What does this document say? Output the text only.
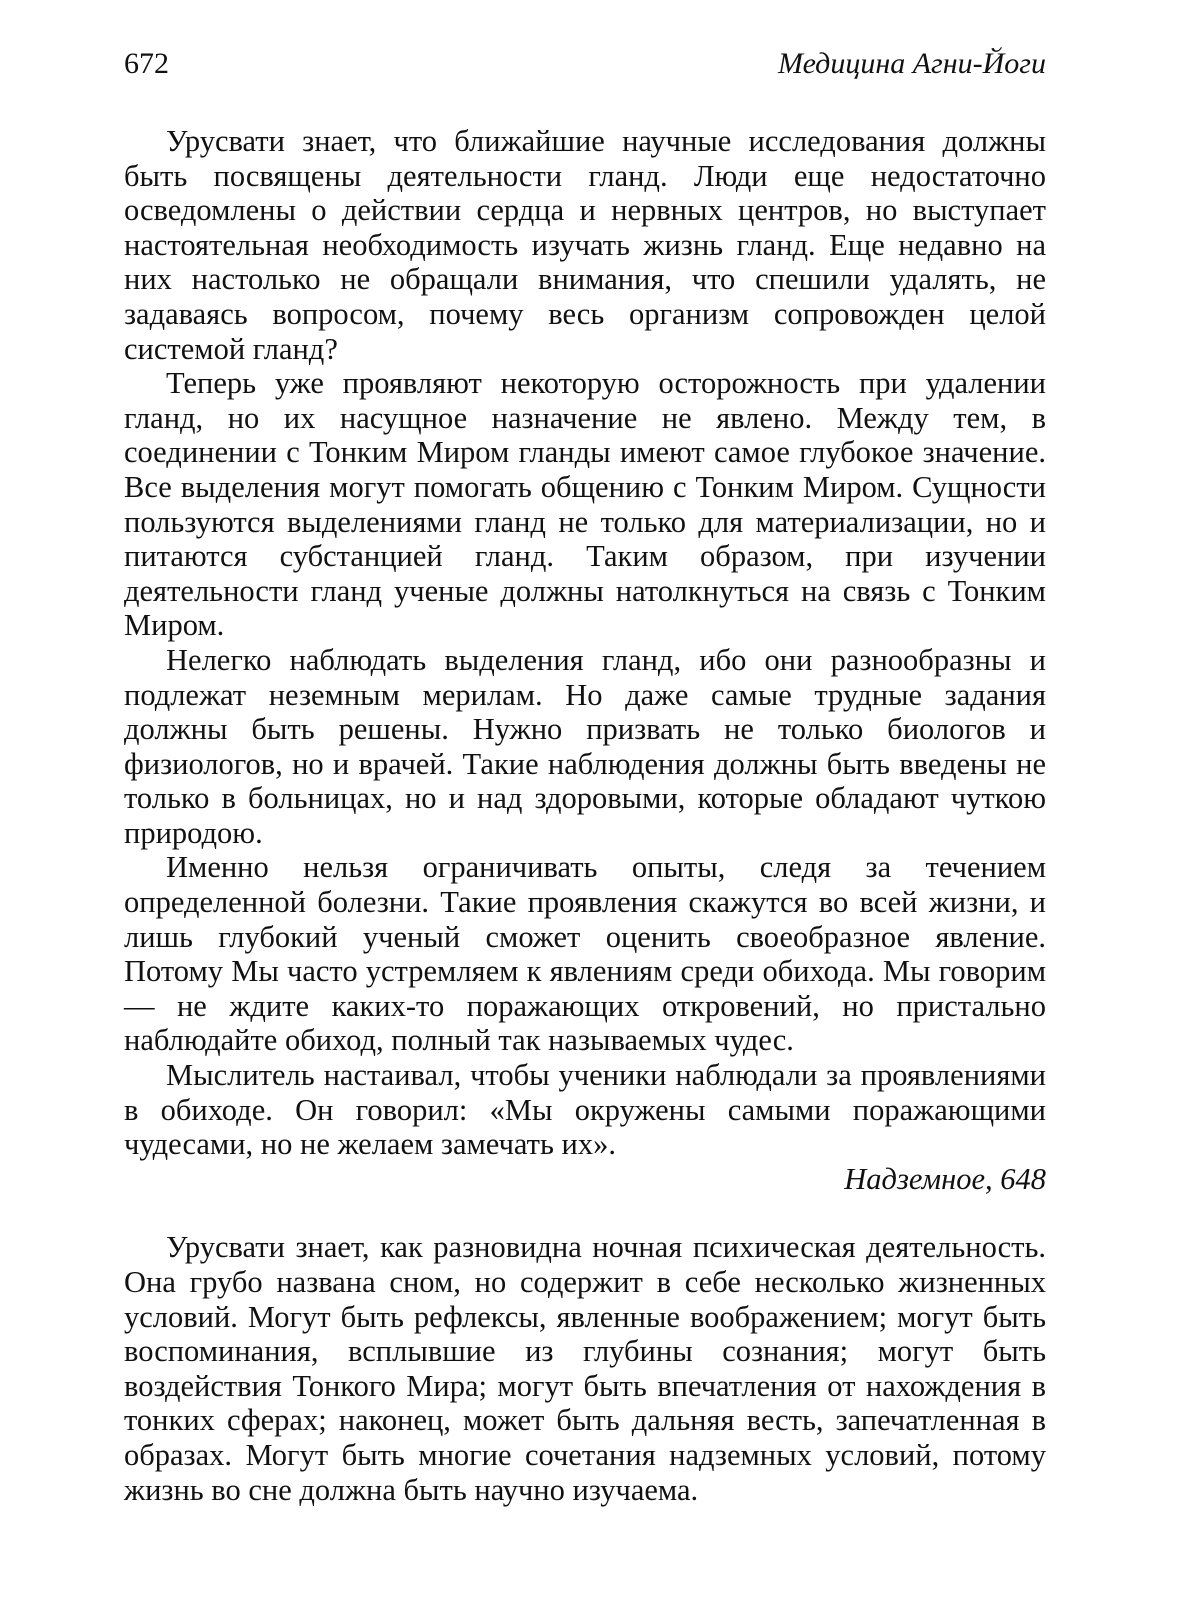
672	Медицина Агни-Йоги

Урусвати знает, что ближайшие научные исследования должны быть посвящены деятельности гланд. Люди еще недостаточно осведомлены о действии сердца и нервных центров, но выступает настоятельная необходимость изучать жизнь гланд. Еще недавно на них настолько не обращали внимания, что спешили удалять, не задаваясь вопросом, почему весь организм сопровожден целой системой гланд?

Теперь уже проявляют некоторую осторожность при удалении гланд, но их насущное назначение не явлено. Между тем, в соединении с Тонким Миром гланды имеют самое глубокое значение. Все выделения могут помогать общению с Тонким Миром. Сущности пользуются выделениями гланд не только для материализации, но и питаются субстанцией гланд. Таким образом, при изучении деятельности гланд ученые должны натолкнуться на связь с Тонким Миром.

Нелегко наблюдать выделения гланд, ибо они разнообразны и подлежат неземным мерилам. Но даже самые трудные задания должны быть решены. Нужно призвать не только биологов и физиологов, но и врачей. Такие наблюдения должны быть введены не только в больницах, но и над здоровыми, которые обладают чуткою природою.

Именно нельзя ограничивать опыты, следя за течением определенной болезни. Такие проявления скажутся во всей жизни, и лишь глубокий ученый сможет оценить своеобразное явление. Потому Мы часто устремляем к явлениям среди обихода. Мы говорим — не ждите каких-то поражающих откровений, но пристально наблюдайте обиход, полный так называемых чудес.

Мыслитель настаивал, чтобы ученики наблюдали за проявлениями в обиходе. Он говорил: «Мы окружены самыми поражающими чудесами, но не желаем замечать их».

Надземное, 648

Урусвати знает, как разновидна ночная психическая деятельность. Она грубо названа сном, но содержит в себе несколько жизненных условий. Могут быть рефлексы, явленные воображением; могут быть воспоминания, всплывшие из глубины сознания; могут быть воздействия Тонкого Мира; могут быть впечатления от нахождения в тонких сферах; наконец, может быть дальняя весть, запечатленная в образах. Могут быть многие сочетания надземных условий, потому жизнь во сне должна быть научно изучаема.
